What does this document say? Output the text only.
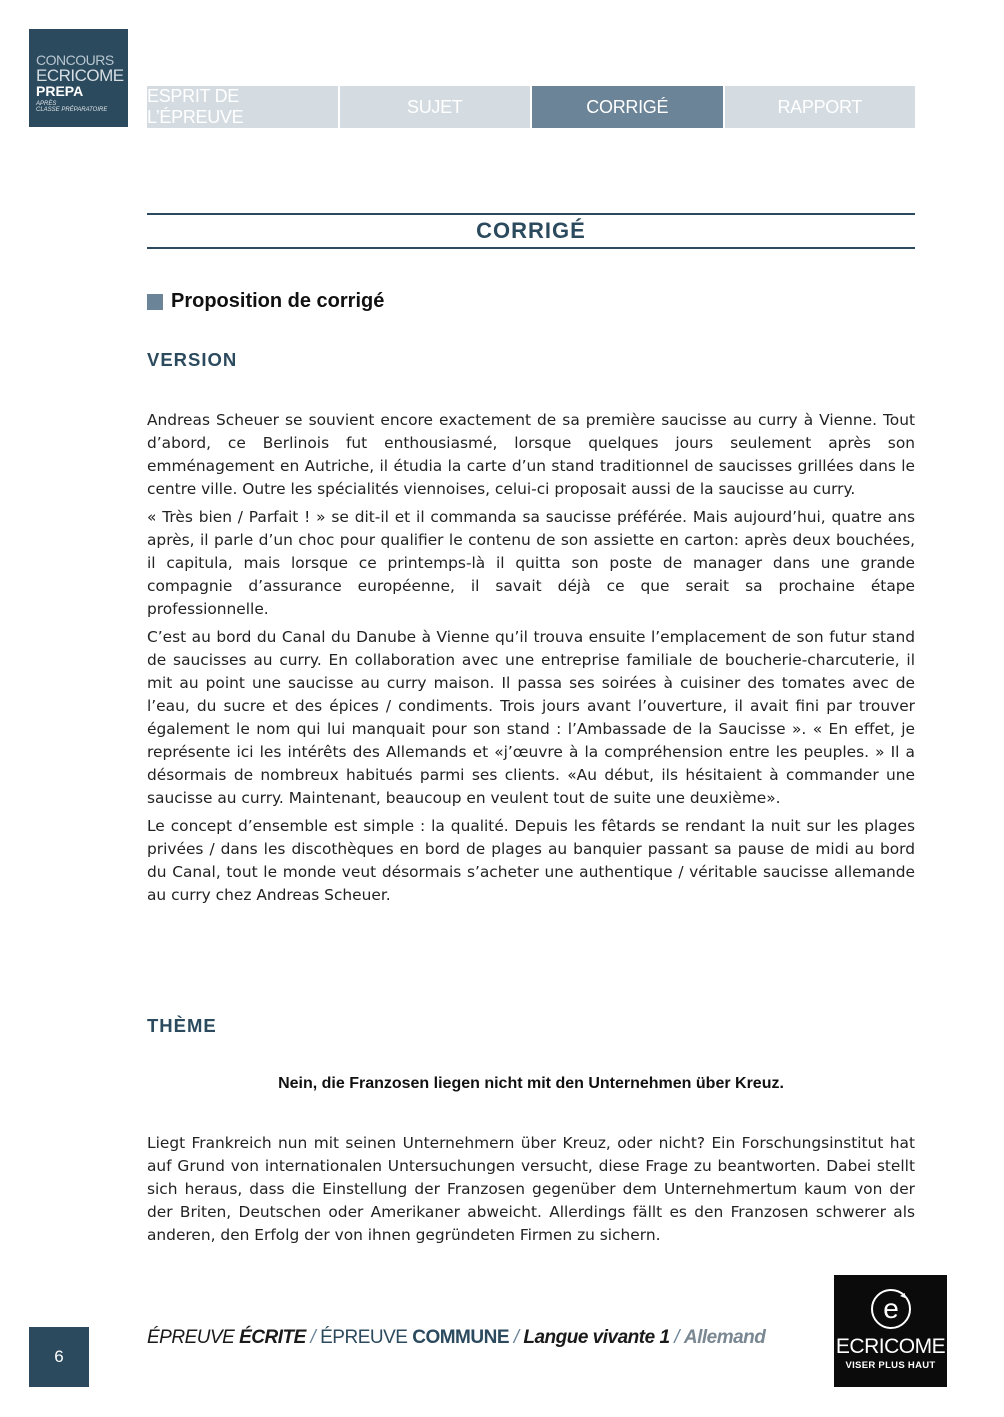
CONCOURS
ECRICOME
PREPA
APRÈS
CLASSE PRÉPARATOIRE
ESPRIT DE L’ÉPREUVE
SUJET	CORRIGÉ	RAPPORT
CORRIGÉ
Proposition de corrigé
VERSION

Andreas Scheuer se souvient encore exactement de sa première saucisse au curry à Vienne. Tout d’abord, ce Berlinois fut enthousiasmé, lorsque quelques jours seulement après son emménagement en Autriche, il étudia la carte d’un stand traditionnel de saucisses grillées dans le centre ville. Outre les spécialités viennoises, celui-ci proposait aussi de la saucisse au curry.

« Très bien / Parfait ! » se dit-il et il commanda sa saucisse préférée. Mais aujourd’hui, quatre ans après, il parle d’un choc pour qualifier le contenu de son assiette en carton: après deux bouchées, il capitula, mais lorsque ce printemps-là il quitta son poste de manager dans une grande compagnie d’assurance européenne, il savait déjà ce que serait sa prochaine étape professionnelle.

C’est au bord du Canal du Danube à Vienne qu’il trouva ensuite l’emplacement de son futur stand de saucisses au curry. En collaboration avec une entreprise familiale de boucherie-charcuterie, il mit au point une saucisse au curry maison. Il passa ses soirées à cuisiner des tomates avec de l’eau, du sucre et des épices / condiments. Trois jours avant l’ouverture, il avait fini par trouver également le nom qui lui manquait pour son stand : l’Ambassade de la Saucisse ». « En effet, je représente ici les intérêts des Allemands et «j’œuvre à la compréhension entre les peuples. » Il a désormais de nombreux habitués parmi ses clients. «Au début, ils hésitaient à commander une saucisse au curry. Maintenant, beaucoup en veulent tout de suite une deuxième».

Le concept d’ensemble est simple : la qualité. Depuis les fêtards se rendant la nuit sur les plages privées / dans les discothèques en bord de plages au banquier passant sa pause de midi au bord du Canal, tout le monde veut désormais s’acheter une authentique / véritable saucisse allemande au curry chez Andreas Scheuer.

THÈME
Nein, die Franzosen liegen nicht mit den Unternehmen über Kreuz.

Liegt Frankreich nun mit seinen Unternehmern über Kreuz, oder nicht? Ein Forschungsinstitut hat auf Grund von internationalen Untersuchungen versucht, diese Frage zu beantworten. Dabei stellt sich heraus, dass die Einstellung der Franzosen gegenüber dem Unternehmertum kaum von der der Briten, Deutschen oder Amerikaner abweicht. Allerdings fällt es den Franzosen schwerer als anderen, den Erfolg der von ihnen gegründeten Firmen zu sichern.

6
ÉPREUVE ÉCRITE / ÉPREUVE COMMUNE / Langue vivante 1 / Allemand
e
ECRICOME
VISER PLUS HAUT
